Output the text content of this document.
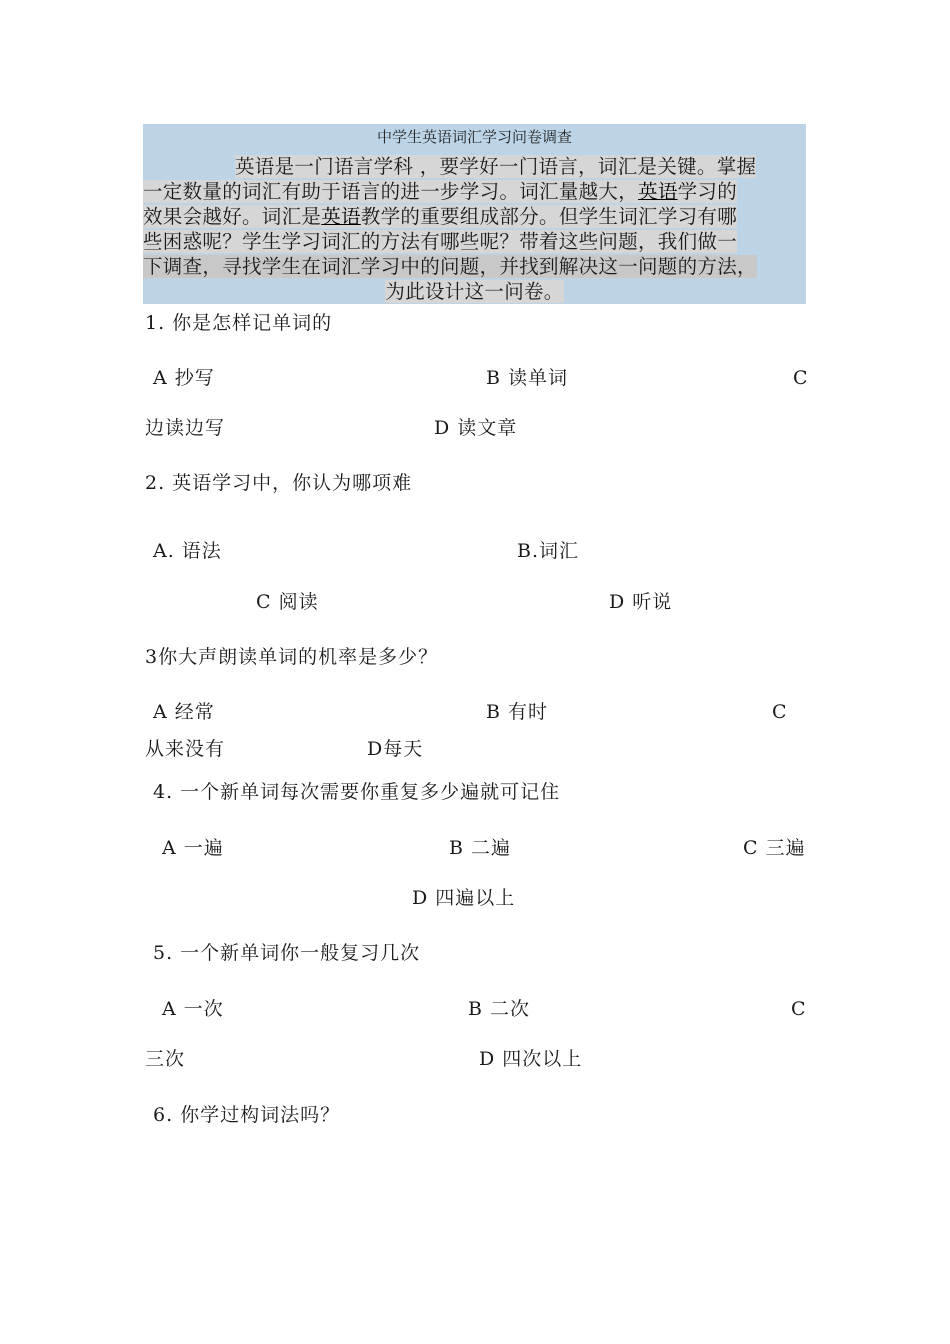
中学生英语词汇学习问卷调查
英语是一门语言学科 ，要学好一门语言，词汇是关键。掌握
一定数量的词汇有助于语言的进一步学习。词汇量越大，英语学习的
效果会越好。词汇是英语教学的重要组成部分。但学生词汇学习有哪
些困惑呢？学生学习词汇的方法有哪些呢？带着这些问题，我们做一
下调查，寻找学生在词汇学习中的问题，并找到解决这一问题的方法，
为此设计这一问卷。
1. 你是怎样记单词的
A 抄写	B 读单词	C
边读边写	D 读文章
2. 英语学习中，你认为哪项难
A. 语法	B.词汇
C 阅读	D 听说
3你大声朗读单词的机率是多少？
A 经常	B 有时	C
从来没有	D每天
4. 一个新单词每次需要你重复多少遍就可记住
A 一遍	B 二遍	C 三遍
D 四遍以上
5. 一个新单词你一般复习几次
A 一次	B 二次	C
三次	D 四次以上
6. 你学过构词法吗？
